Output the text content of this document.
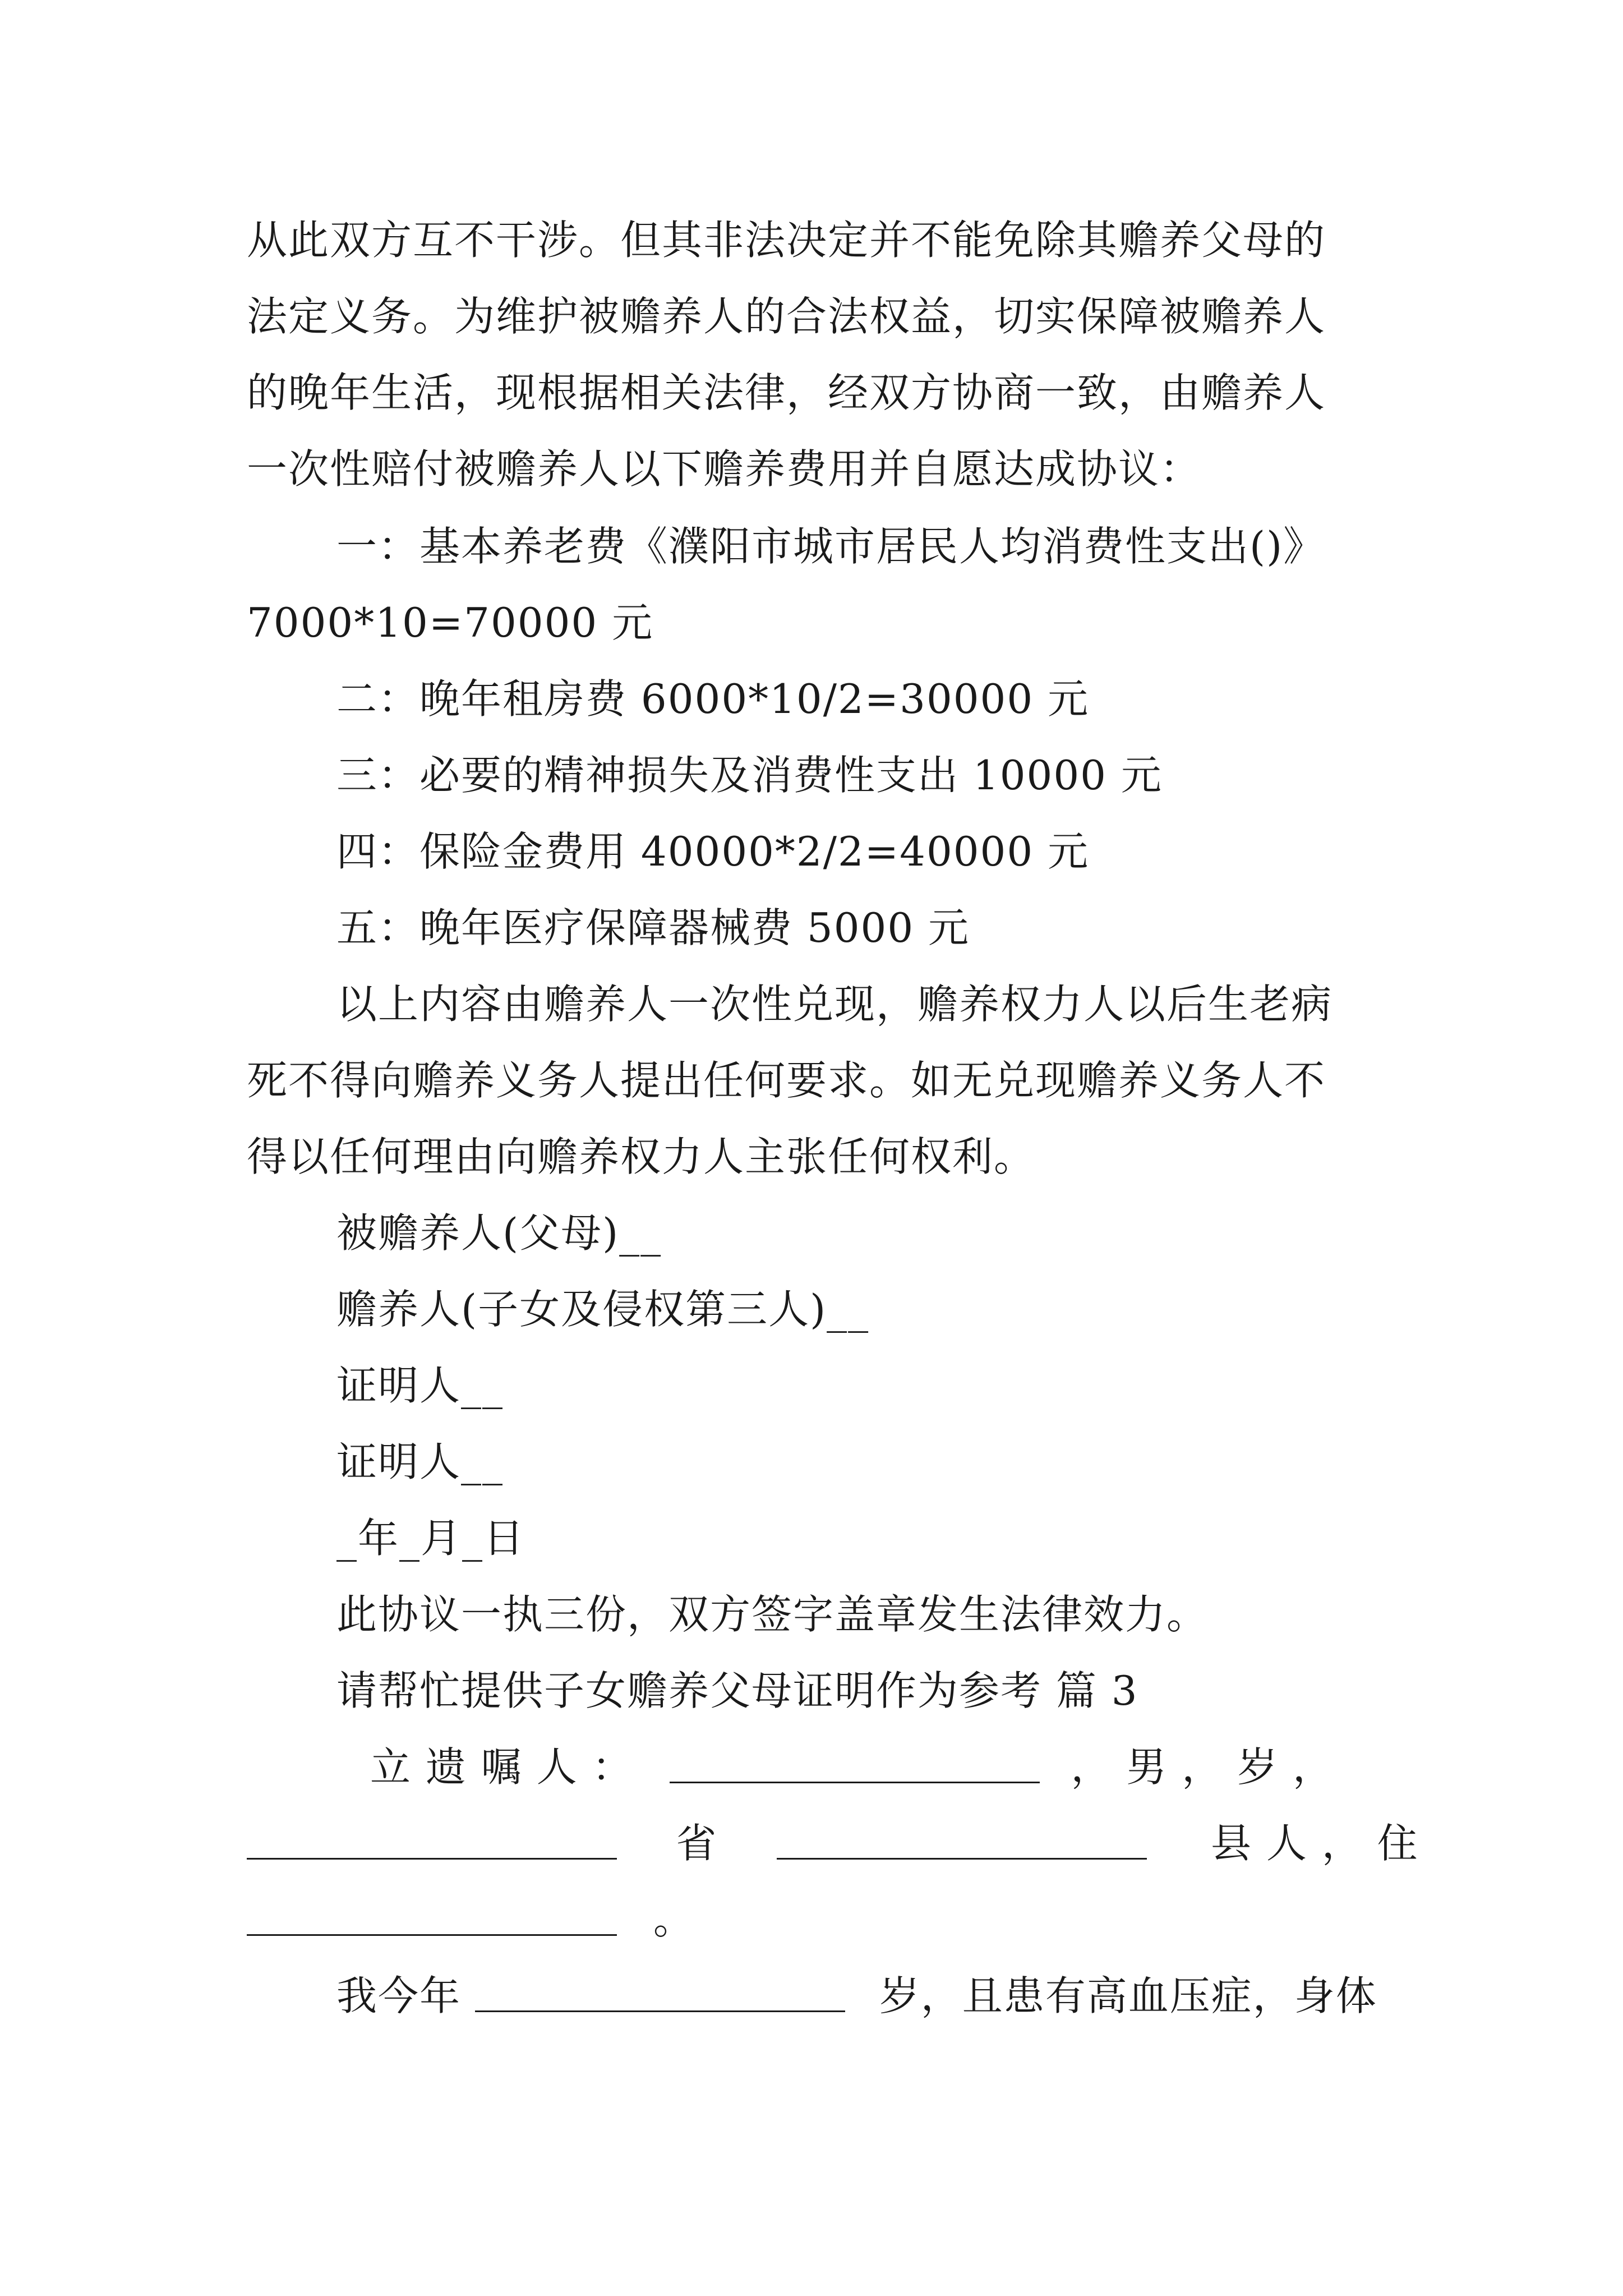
从此双方互不干涉。但其非法决定并不能免除其赡养父母的
法定义务。为维护被赡养人的合法权益，切实保障被赡养人
的晚年生活，现根据相关法律，经双方协商一致，由赡养人
一次性赔付被赡养人以下赡养费用并自愿达成协议：
一：基本养老费《濮阳市城市居民人均消费性支出()》
7000*10=70000 元
二：晚年租房费 6000*10/2=30000 元
三：必要的精神损失及消费性支出 10000 元
四：保险金费用 40000*2/2=40000 元
五：晚年医疗保障器械费 5000 元
以上内容由赡养人一次性兑现，赡养权力人以后生老病
死不得向赡养义务人提出任何要求。如无兑现赡养义务人不
得以任何理由向赡养权力人主张任何权利。
被赡养人(父母)__
赡养人(子女及侵权第三人)__
证明人__
证明人__
_年_月_日
此协议一执三份，双方签字盖章发生法律效力。
请帮忙提供子女赡养父母证明作为参考 篇 3
立 遗 嘱 人 ：	， 男 ， 岁 ，
省	县 人 ， 住
。
我今年	岁，且患有高血压症，身体
